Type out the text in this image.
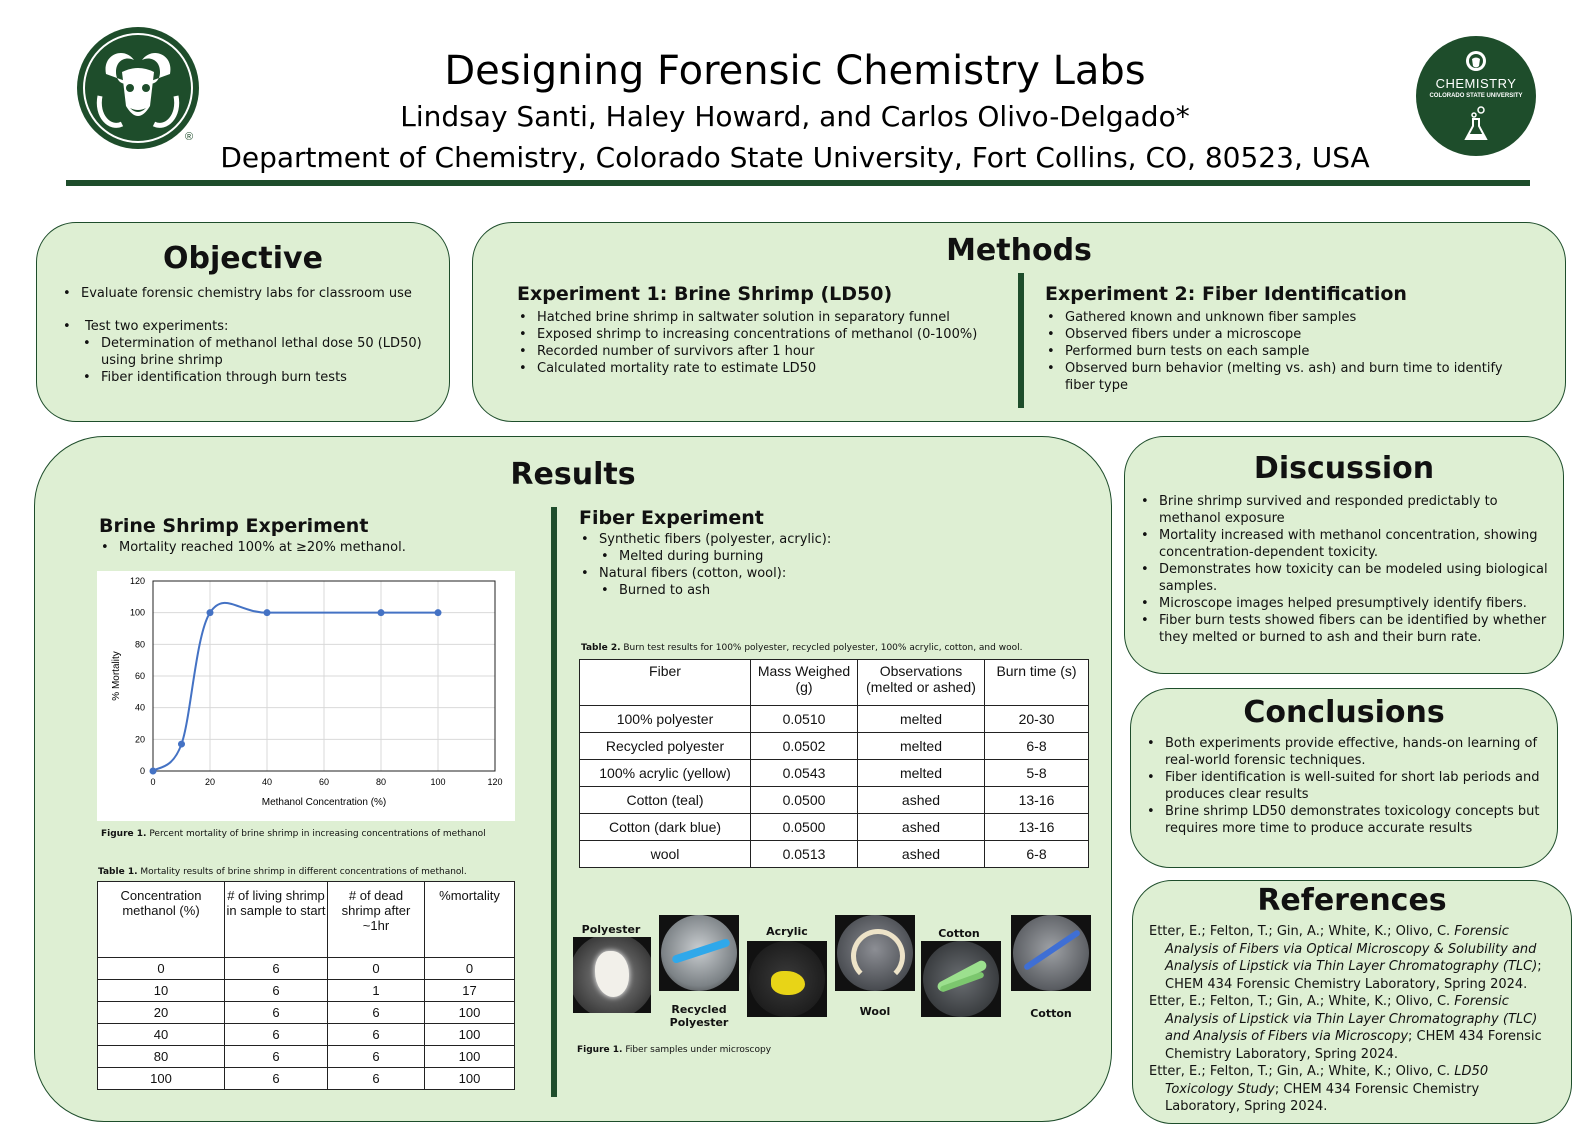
®
Designing Forensic Chemistry Labs
Lindsay Santi, Haley Howard, and Carlos Olivo-Delgado*
Department of Chemistry, Colorado State University, Fort Collins, CO, 80523, USA
CHEMISTRY
COLORADO STATE UNIVERSITY
Objective
• Evaluate forensic chemistry labs for classroom use
• Test two experiments:
• Determination of methanol lethal dose 50 (LD50) using brine shrimp
• Fiber identification through burn tests
Methods
Experiment 1: Brine Shrimp (LD50)
• Hatched brine shrimp in saltwater solution in separatory funnel
• Exposed shrimp to increasing concentrations of methanol (0-100%)
• Recorded number of survivors after 1 hour
• Calculated mortality rate to estimate LD50
Experiment 2: Fiber Identification
• Gathered known and unknown fiber samples
• Observed fibers under a microscope
• Performed burn tests on each sample
• Observed burn behavior (melting vs. ash) and burn time to identify fiber type
Results
Brine Shrimp Experiment
• Mortality reached 100% at ≥20% methanol.
0
20
40
60
80
100
120
0	20	40	60	80	100	120
Methanol Concentration (%)
% Mortality
Figure 1. Percent mortality of brine shrimp in increasing concentrations of methanol
Table 1. Mortality results of brine shrimp in different concentrations of methanol.
Concentration methanol (%)	# of living shrimp in sample to start	# of dead shrimp after ~1hr	%mortality
0	6	0	0
10	6	1	17
20	6	6	100
40	6	6	100
80	6	6	100
100	6	6	100
Fiber Experiment
• Synthetic fibers (polyester, acrylic):
• Melted during burning
• Natural fibers (cotton, wool):
• Burned to ash
Table 2. Burn test results for 100% polyester, recycled polyester, 100% acrylic, cotton, and wool.
Fiber	Mass Weighed (g)	Observations (melted or ashed)	Burn time (s)
100% polyester	0.0510	melted	20-30
Recycled polyester	0.0502	melted	6-8
100% acrylic (yellow)	0.0543	melted	5-8
Cotton (teal)	0.0500	ashed	13-16
Cotton (dark blue)	0.0500	ashed	13-16
wool	0.0513	ashed	6-8
Polyester
Recycled Polyester
Acrylic
Wool
Cotton
Cotton
Figure 1. Fiber samples under microscopy
Discussion
• Brine shrimp survived and responded predictably to methanol exposure
• Mortality increased with methanol concentration, showing concentration-dependent toxicity.
• Demonstrates how toxicity can be modeled using biological samples.
• Microscope images helped presumptively identify fibers.
• Fiber burn tests showed fibers can be identified by whether they melted or burned to ash and their burn rate.
Conclusions
• Both experiments provide effective, hands-on learning of real-world forensic techniques.
• Fiber identification is well-suited for short lab periods and produces clear results
• Brine shrimp LD50 demonstrates toxicology concepts but requires more time to produce accurate results
References

Etter, E.; Felton, T.; Gin, A.; White, K.; Olivo, C. Forensic Analysis of Fibers via Optical Microscopy & Solubility and Analysis of Lipstick via Thin Layer Chromatography (TLC); CHEM 434 Forensic Chemistry Laboratory, Spring 2024.

Etter, E.; Felton, T.; Gin, A.; White, K.; Olivo, C. Forensic Analysis of Lipstick via Thin Layer Chromatography (TLC) and Analysis of Fibers via Microscopy; CHEM 434 Forensic Chemistry Laboratory, Spring 2024.

Etter, E.; Felton, T.; Gin, A.; White, K.; Olivo, C. LD50 Toxicology Study; CHEM 434 Forensic Chemistry Laboratory, Spring 2024.
